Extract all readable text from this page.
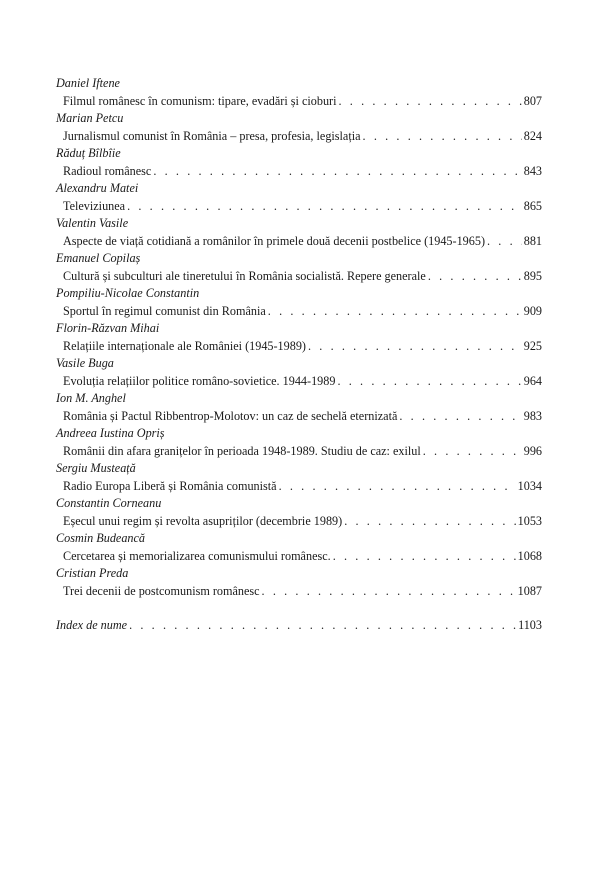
Daniel Iftene
Filmul românesc în comunism: tipare, evadări și cioburi . . .	807
Marian Petcu
Jurnalismul comunist în România – presa, profesia, legislația . . .	824
Răduț Bîlbîie
Radioul românesc . . .	843
Alexandru Matei
Televiziunea . . .	865
Valentin Vasile
Aspecte de viață cotidiană a românilor în primele două decenii postbelice (1945-1965) . . .	881
Emanuel Copilaș
Cultură și subculturi ale tineretului în România socialistă. Repere generale . . .	895
Pompiliu-Nicolae Constantin
Sportul în regimul comunist din România . . .	909
Florin-Răzvan Mihai
Relațiile internaționale ale României (1945-1989) . . .	925
Vasile Buga
Evoluția relațiilor politice româno-sovietice. 1944-1989 . . .	964
Ion M. Anghel
România și Pactul Ribbentrop-Molotov: un caz de sechelă eternizată . . .	983
Andreea Iustina Opriș
Românii din afara granițelor în perioada 1948-1989. Studiu de caz: exilul . . .	996
Sergiu Musteață
Radio Europa Liberă și România comunistă . . .	1034
Constantin Corneanu
Eșecul unui regim și revolta asupriților (decembrie 1989) . . .	1053
Cosmin Budeancă
Cercetarea și memorializarea comunismului românesc. . . .	1068
Cristian Preda
Trei decenii de postcomunism românesc . . .	1087
Index de nume . . .	1103
